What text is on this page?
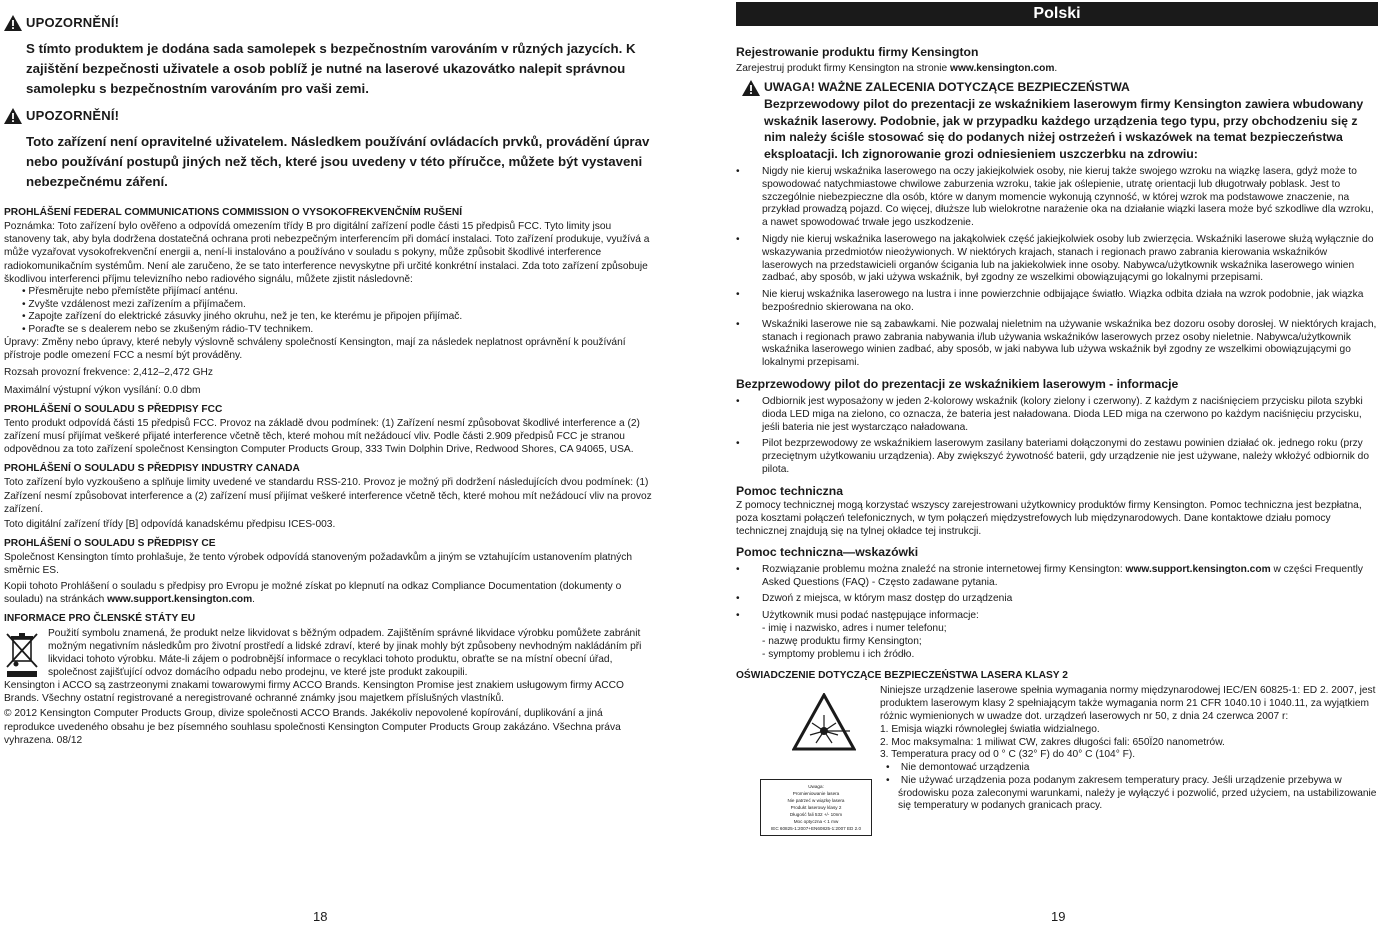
UPOZORNĚNÍ!

S tímto produktem je dodána sada samolepek s bezpečnostním varováním v různých jazycích. K zajištění bezpečnosti uživatele a osob poblíž je nutné na laserové ukazovátko nalepit správnou samolepku s bezpečnostním varováním pro vaši zemi.

UPOZORNĚNÍ!

Toto zařízení není opravitelné uživatelem. Následkem používání ovládacích prvků, provádění úprav nebo používání postupů jiných než těch, které jsou uvedeny v této příručce, můžete být vystaveni nebezpečnému záření.

PROHLÁŠENÍ FEDERAL COMMUNICATIONS COMMISSION O VYSOKOFREKVENČNÍM RUŠENÍ

Poznámka: Toto zařízení bylo ověřeno a odpovídá omezením třídy B pro digitální zařízení podle části 15 předpisů FCC. Tyto limity jsou stanoveny tak, aby byla dodržena dostatečná ochrana proti nebezpečným interferencím při domácí instalaci. Toto zařízení produkuje, využívá a může vyzařovat vysokofrekvenční energii a, není-li instalováno a používáno v souladu s pokyny, může způsobit škodlivé interference radiokomunikačním systémům. Není ale zaručeno, že se tato interference nevyskytne při určité konkrétní instalaci. Zda toto zařízení způsobuje škodlivou interferenci příjmu televizního nebo radiového signálu, můžete zjistit následovně:

• Přesměrujte nebo přemístěte přijímací anténu.
• Zvyšte vzdálenost mezi zařízením a přijímačem.
• Zapojte zařízení do elektrické zásuvky jiného okruhu, než je ten, ke kterému je připojen přijímač.
• Poraďte se s dealerem nebo se zkušeným rádio-TV technikem.

Úpravy: Změny nebo úpravy, které nebyly výslovně schváleny společností Kensington, mají za následek neplatnost oprávnění k používání přístroje podle omezení FCC a nesmí být prováděny.

Rozsah provozní frekvence: 2,412–2,472 GHz

Maximální výstupní výkon vysílání: 0.0 dbm

PROHLÁŠENÍ O SOULADU S PŘEDPISY FCC

Tento produkt odpovídá části 15 předpisů FCC. Provoz na základě dvou podmínek: (1) Zařízení nesmí způsobovat škodlivé interference a (2) zařízení musí přijímat veškeré přijaté interference včetně těch, které mohou mít nežádoucí vliv. Podle části 2.909 předpisů FCC je stranou odpovědnou za toto zařízení společnost Kensington Computer Products Group, 333 Twin Dolphin Drive, Redwood Shores, CA 94065, USA.

PROHLÁŠENÍ O SOULADU S PŘEDPISY INDUSTRY CANADA

Toto zařízení bylo vyzkoušeno a splňuje limity uvedené ve standardu RSS-210. Provoz je možný při dodržení následujících dvou podmínek: (1) Zařízení nesmí způsobovat interference a (2) zařízení musí přijímat veškeré interference včetně těch, které mohou mít nežádoucí vliv na provoz zařízení.

Toto digitální zařízení třídy [B] odpovídá kanadskému předpisu ICES-003.

PROHLÁŠENÍ O SOULADU S PŘEDPISY CE

Společnost Kensington tímto prohlašuje, že tento výrobek odpovídá stanoveným požadavkům a jiným se vztahujícím ustanovením platných směrnic ES.

Kopii tohoto Prohlášení o souladu s předpisy pro Evropu je možné získat po klepnutí na odkaz Compliance Documentation (dokumenty o souladu) na stránkách www.support.kensington.com.

INFORMACE PRO ČLENSKÉ STÁTY EU

Použití symbolu znamená, že produkt nelze likvidovat s běžným odpadem. Zajištěním správné likvidace výrobku pomůžete zabránit možným negativním následkům pro životní prostředí a lidské zdraví, které by jinak mohly být způsobeny nevhodným nakládáním při likvidaci tohoto výrobku. Máte-li zájem o podrobnější informace o recyklaci tohoto produktu, obraťte se na místní obecní úřad, společnost zajišťující odvoz domácího odpadu nebo prodejnu, ve které jste produkt zakoupili.

Kensington i ACCO są zastrzeonymi znakami towarowymi firmy ACCO Brands. Kensington Promise jest znakiem usługowym firmy ACCO Brands. Všechny ostatní registrované a neregistrované ochranné známky jsou majetkem příslušných vlastníků.

© 2012 Kensington Computer Products Group, divize společnosti ACCO Brands. Jakékoliv nepovolené kopírování, duplikování a jiná reprodukce uvedeného obsahu je bez písemného souhlasu společnosti Kensington Computer Products Group zakázáno. Všechna práva vyhrazena. 08/12

18
Polski

Rejestrowanie produktu firmy Kensington

Zarejestruj produkt firmy Kensington na stronie www.kensington.com.

UWAGA! WAŻNE ZALECENIA DOTYCZĄCE BEZPIECZEŃSTWA

Bezprzewodowy pilot do prezentacji ze wskaźnikiem laserowym firmy Kensington zawiera wbudowany wskaźnik laserowy. Podobnie, jak w przypadku każdego urządzenia tego typu, przy obchodzeniu się z nim należy ściśle stosować się do podanych niżej ostrzeżeń i wskazówek na temat bezpieczeństwa eksploatacji. Ich zignorowanie grozi odniesieniem uszczerbku na zdrowiu:

• Nigdy nie kieruj wskaźnika laserowego na oczy jakiejkolwiek osoby, nie kieruj także swojego wzroku na wiązkę lasera, gdyż może to spowodować natychmiastowe chwilowe zaburzenia wzroku, takie jak oślepienie, utratę orientacji lub długotrwały poblask. Jest to szczególnie niebezpieczne dla osób, które w danym momencie wykonują czynność, w której wzrok ma podstawowe znaczenie, na przykład prowadzą pojazd. Co więcej, dłuższe lub wielokrotne narażenie oka na działanie wiązki lasera może być szkodliwe dla wzroku, a nawet spowodować trwałe jego uszkodzenie.
• Nigdy nie kieruj wskaźnika laserowego na jakąkolwiek część jakiejkolwiek osoby lub zwierzęcia. Wskaźniki laserowe służą wyłącznie do wskazywania przedmiotów nieożywionych. W niektórych krajach, stanach i regionach prawo zabrania kierowania wskaźników laserowych na przedstawicieli organów ścigania lub na jakiekolwiek inne osoby. Nabywca/użytkownik wskaźnika laserowego winien zadbać, aby sposób, w jaki używa wskaźnik, był zgodny ze wszelkimi obowiązującymi go lokalnymi przepisami.
• Nie kieruj wskaźnika laserowego na lustra i inne powierzchnie odbijające światło. Wiązka odbita działa na wzrok podobnie, jak wiązka bezpośrednio skierowana na oko.
• Wskaźniki laserowe nie są zabawkami. Nie pozwalaj nieletnim na używanie wskaźnika bez dozoru osoby dorosłej. W niektórych krajach, stanach i regionach prawo zabrania nabywania i/lub używania wskaźników laserowych przez osoby nieletnie. Nabywca/użytkownik wskaźnika laserowego winien zadbać, aby sposób, w jaki nabywa lub używa wskaźnik był zgodny ze wszelkimi obowiązującymi go lokalnymi przepisami.

Bezprzewodowy pilot do prezentacji ze wskaźnikiem laserowym - informacje

• Odbiornik jest wyposażony w jeden 2-kolorowy wskaźnik (kolory zielony i czerwony). Z każdym z naciśnięciem przycisku pilota szybki dioda LED miga na zielono, co oznacza, że bateria jest naładowana. Dioda LED miga na czerwono po każdym naciśnięciu przycisku, jeśli bateria nie jest wystarcząco naładowana.
• Pilot bezprzewodowy ze wskaźnikiem laserowym zasilany bateriami dołączonymi do zestawu powinien działać ok. jednego roku (przy przeciętnym użytkowaniu urządzenia). Aby zwiększyć żywotność baterii, gdy urządzenie nie jest używane, należy wkłożyć odbiornik do pilota.

Pomoc techniczna

Z pomocy technicznej mogą korzystać wszyscy zarejestrowani użytkownicy produktów firmy Kensington. Pomoc techniczna jest bezpłatna, poza kosztami połączeń telefonicznych, w tym połączeń międzystrefowych lub międzynarodowych. Dane kontaktowe działu pomocy technicznej znajdują się na tylnej okładce tej instrukcji.

Pomoc techniczna—wskazówki

• Rozwiązanie problemu można znaleźć na stronie internetowej firmy Kensington: www.support.kensington.com w części Frequently Asked Questions (FAQ) - Często zadawane pytania.
• Dzwoń z miejsca, w którym masz dostęp do urządzenia
• Użytkownik musi podać następujące informacje:
- imię i nazwisko, adres i numer telefonu;
- nazwę produktu firmy Kensington;
- symptomy problemu i ich źródło.

OŚWIADCZENIE DOTYCZĄCE BEZPIECZEŃSTWA LASERA KLASY 2

Uwaga:
Promieniowanie lasera
Nie patrzeć w wiązkę lasera
Produkt laserowy klasy 2
Długość fali 532 +/- 10nm
Moc optyczna < 1 mw
IEC 60825-1:2007+EN60825-1:2007 ED 2.0

Niniejsze urządzenie laserowe spełnia wymagania normy międzynarodowej IEC/EN 60825-1: ED 2. 2007, jest produktem laserowym klasy 2 spełniającym także wymagania norm 21 CFR 1040.10 i 1040.11, za wyjątkiem różnic wymienionych w uwadze dot. urządzeń laserowych nr 50, z dnia 24 czerwca 2007 r:

1. Emisja wiązki równoległej światła widzialnego.
2. Moc maksymalna: 1 miliwat CW, zakres długości fali: 650Ї20 nanometrów.
3. Temperatura pracy od 0 ° C (32° F) do 40° C (104° F).
•    Nie demontować urządzenia
•    Nie używać urządzenia poza podanym zakresem temperatury pracy. Jeśli urządzenie przebywa w środowisku poza zaleconymi warunkami, należy je wyłączyć i pozwolić, przed użyciem, na ustabilizowanie się temperatury w podanych granicach pracy.
19
